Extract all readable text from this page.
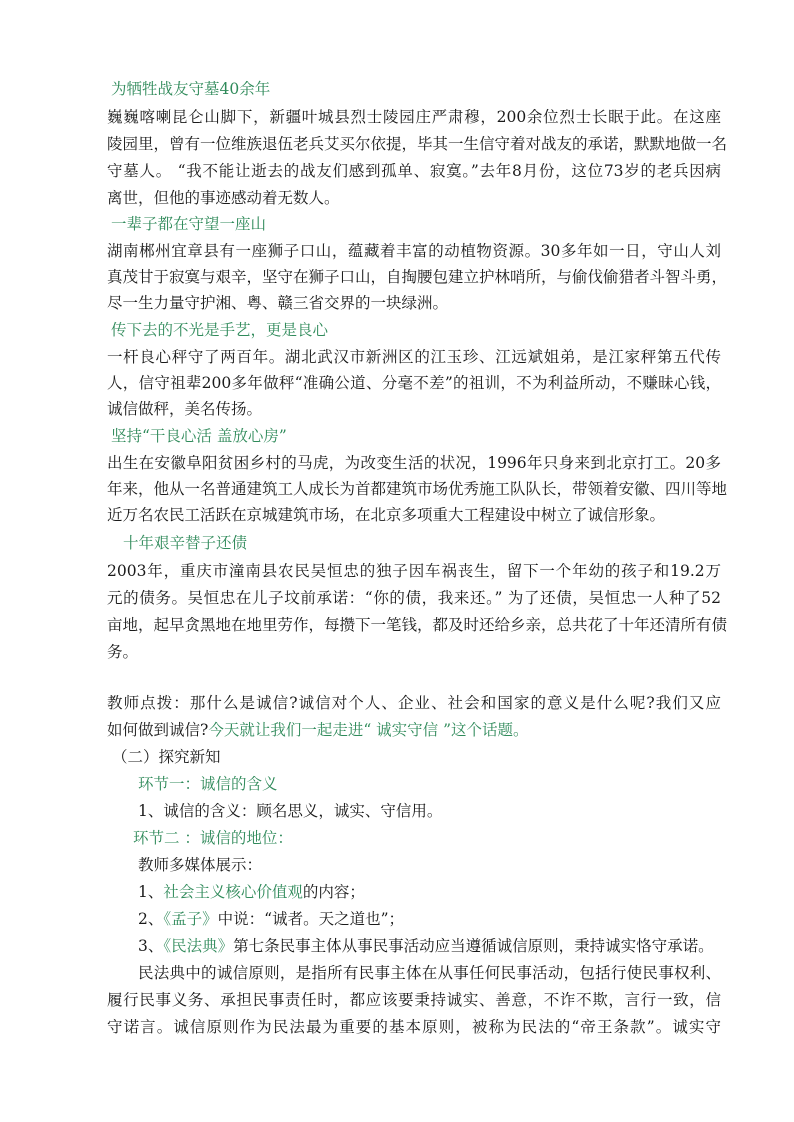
为牺牲战友守墓40余年
巍巍喀喇昆仑山脚下，新疆叶城县烈士陵园庄严肃穆，200余位烈士长眠于此。在这座
陵园里，曾有一位维族退伍老兵艾买尔依提，毕其一生信守着对战友的承诺，默默地做一名
守墓人。 “我不能让逝去的战友们感到孤单、寂寞。”去年8月份，这位73岁的老兵因病
离世，但他的事迹感动着无数人。
一辈子都在守望一座山
湖南郴州宜章县有一座狮子口山，蕴藏着丰富的动植物资源。30多年如一日，守山人刘
真茂甘于寂寞与艰辛，坚守在狮子口山，自掏腰包建立护林哨所，与偷伐偷猎者斗智斗勇，
尽一生力量守护湘、粤、赣三省交界的一块绿洲。
传下去的不光是手艺，更是良心
一杆良心秤守了两百年。湖北武汉市新洲区的江玉珍、江远斌姐弟，是江家秤第五代传
人，信守祖辈200多年做秤“准确公道、分毫不差”的祖训，不为利益所动，不赚昧心钱，
诚信做秤，美名传扬。
坚持“干良心活 盖放心房”
出生在安徽阜阳贫困乡村的马虎，为改变生活的状况，1996年只身来到北京打工。20多
年来，他从一名普通建筑工人成长为首都建筑市场优秀施工队队长，带领着安徽、四川等地
近万名农民工活跃在京城建筑市场，在北京多项重大工程建设中树立了诚信形象。
十年艰辛替子还债
2003年，重庆市潼南县农民吴恒忠的独子因车祸丧生，留下一个年幼的孩子和19.2万
元的债务。吴恒忠在儿子坟前承诺：“你的债，我来还。” 为了还债，吴恒忠一人种了52
亩地，起早贪黑地在地里劳作，每攒下一笔钱，都及时还给乡亲，总共花了十年还清所有债
务。
教师点拨：那什么是诚信?诚信对个人、企业、社会和国家的意义是什么呢?我们又应
如何做到诚信?今天就让我们一起走进“ 诚实守信 ”这个话题。
（二）探究新知
环节一：诚信的含义
1、诚信的含义：顾名思义，诚实、守信用。
环节二 ：诚信的地位：
教师多媒体展示：
1、社会主义核心价值观的内容；
2、《孟子》中说：“诚者。天之道也”；
3、《民法典》第七条民事主体从事民事活动应当遵循诚信原则，秉持诚实恪守承诺。
民法典中的诚信原则，是指所有民事主体在从事任何民事活动，包括行使民事权利、
履行民事义务、承担民事责任时，都应该要秉持诚实、善意，不诈不欺，言行一致，信
守诺言。诚信原则作为民法最为重要的基本原则，被称为民法的“帝王条款”。诚实守
